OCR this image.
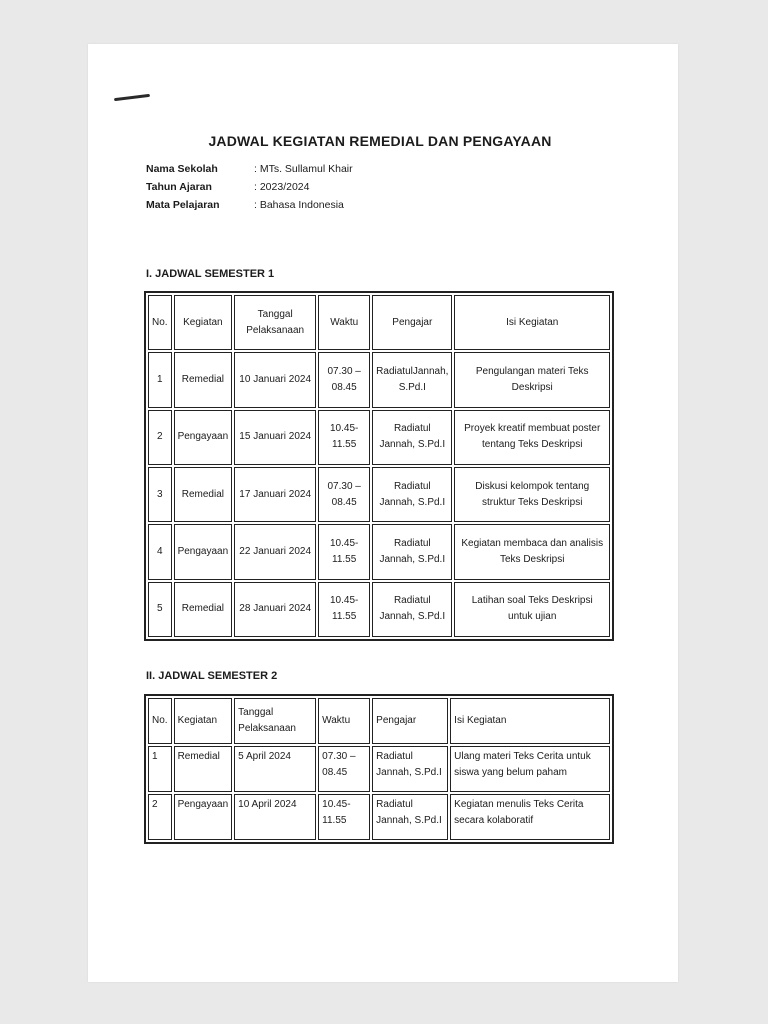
JADWAL KEGIATAN REMEDIAL DAN PENGAYAAN
Nama Sekolah	: MTs. Sullamul Khair
Tahun Ajaran	: 2023/2024
Mata Pelajaran	: Bahasa Indonesia
I. JADWAL SEMESTER 1
No.	Kegiatan	Tanggal Pelaksanaan	Waktu	Pengajar	Isi Kegiatan
1	Remedial	10 Januari 2024	07.30 – 08.45	RadiatulJannah, S.Pd.I	Pengulangan materi Teks Deskripsi
2	Pengayaan	15 Januari 2024	10.45-11.55	Radiatul Jannah, S.Pd.I	Proyek kreatif membuat poster tentang Teks Deskripsi
3	Remedial	17 Januari 2024	07.30 – 08.45	Radiatul Jannah, S.Pd.I	Diskusi kelompok tentang struktur Teks Deskripsi
4	Pengayaan	22 Januari 2024	10.45-11.55	Radiatul Jannah, S.Pd.I	Kegiatan membaca dan analisis Teks Deskripsi
5	Remedial	28 Januari 2024	10.45-11.55	Radiatul Jannah, S.Pd.I	Latihan soal Teks Deskripsi untuk ujian
II. JADWAL SEMESTER 2
No.	Kegiatan	Tanggal Pelaksanaan	Waktu	Pengajar	Isi Kegiatan
1	Remedial	5 April 2024	07.30 – 08.45	Radiatul Jannah, S.Pd.I	Ulang materi Teks Cerita untuk siswa yang belum paham
2	Pengayaan	10 April 2024	10.45-11.55	Radiatul Jannah, S.Pd.I	Kegiatan menulis Teks Cerita secara kolaboratif
